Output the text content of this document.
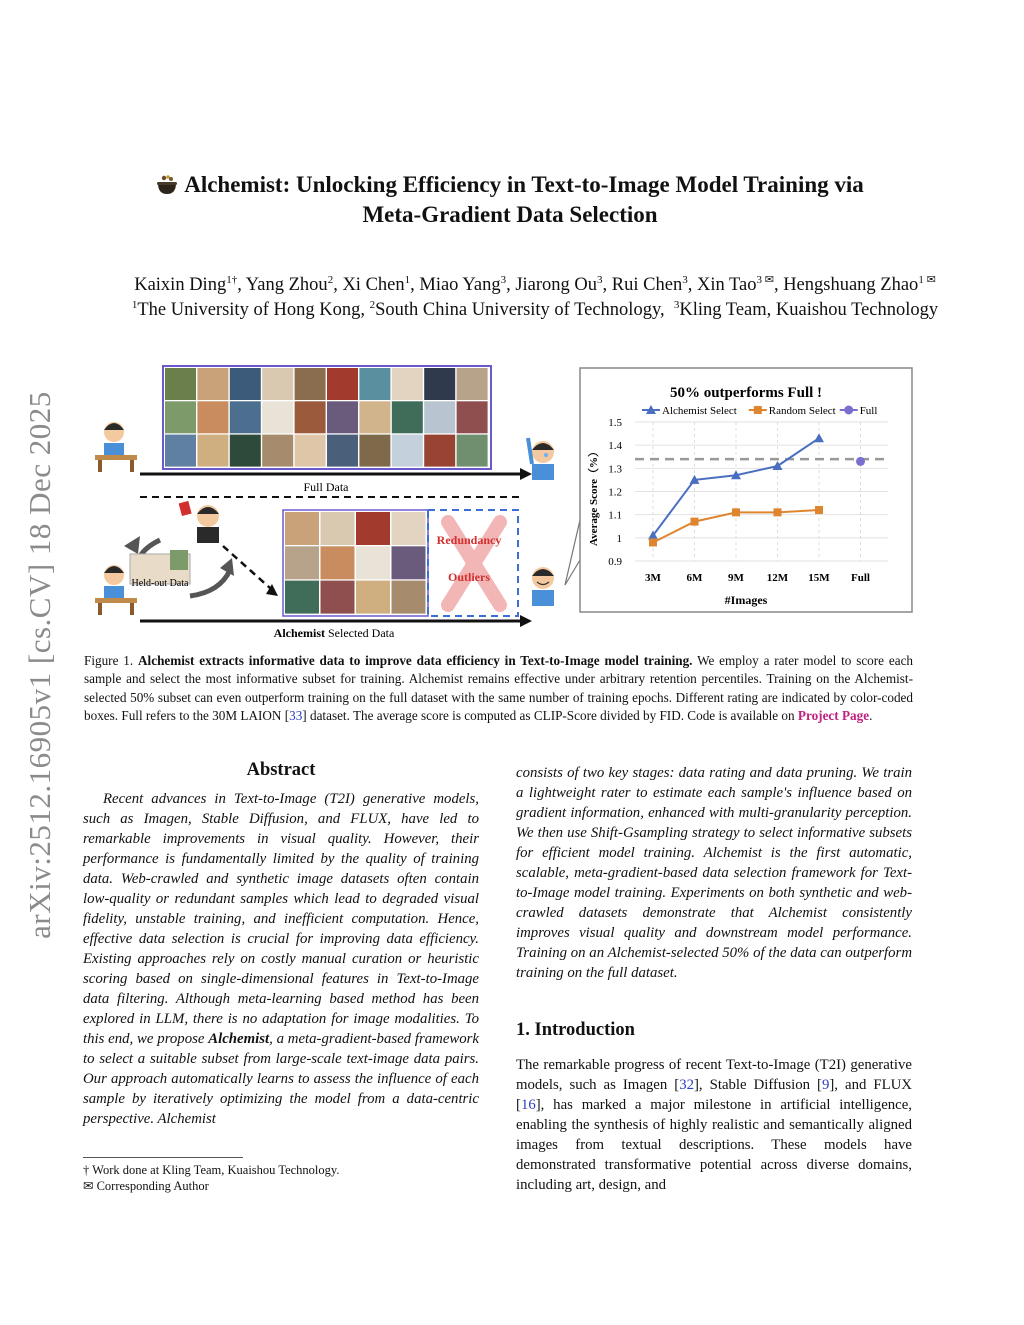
arXiv:2512.16905v1 [cs.CV] 18 Dec 2025
Alchemist: Unlocking Efficiency in Text-to-Image Model Training via
Meta-Gradient Data Selection
Kaixin Ding$^{1\dagger}$, Yang Zhou$^2$, Xi Chen$^1$, Miao Yang$^3$, Jiarong Ou$^3$, Rui Chen$^3$, Xin Tao$^{3 ✉}$, Hengshuang Zhao$^{1 ✉}$
$^1$The University of Hong Kong, $^2$South China University of Technology, $^3$Kling Team, Kuaishou Technology
Full Data
Held-out Data
Redundancy
Outliers
Alchemist Selected Data
50% outperforms Full !
Alchemist Select	Random Select Full
Average Score（%）
#Images
0.9
1
1.1
1.2
1.3
1.4
1.5
3M 6M 9M 12M 15M Full
Figure 1. Alchemist extracts informative data to improve data efficiency in Text-to-Image model training. We employ a rater model to score each sample and select the most informative subset for training. Alchemist remains effective under arbitrary retention percentiles. Training on the Alchemist-selected 50% subset can even outperform training on the full dataset with the same number of training epochs. Different rating are indicated by color-coded boxes. Full refers to the 30M LAION [33] dataset. The average score is computed as CLIP-Score divided by FID. Code is available on Project Page.
Abstract
Recent advances in Text-to-Image (T2I) generative models, such as Imagen, Stable Diffusion, and FLUX, have led to remarkable improvements in visual quality. However, their performance is fundamentally limited by the quality of training data. Web-crawled and synthetic image datasets often contain low-quality or redundant samples which lead to degraded visual fidelity, unstable training, and inefficient computation. Hence, effective data selection is crucial for improving data efficiency. Existing approaches rely on costly manual curation or heuristic scoring based on single-dimensional features in Text-to-Image data filtering. Although meta-learning based method has been explored in LLM, there is no adaptation for image modalities. To this end, we propose Alchemist, a meta-gradient-based framework to select a suitable subset from large-scale text-image data pairs. Our approach automatically learns to assess the influence of each sample by iteratively optimizing the model from a data-centric perspective. Alchemist
† Work done at Kling Team, Kuaishou Technology.
✉ Corresponding Author
consists of two key stages: data rating and data pruning. We train a lightweight rater to estimate each sample's influence based on gradient information, enhanced with multi-granularity perception. We then use Shift-Gsampling strategy to select informative subsets for efficient model training. Alchemist is the first automatic, scalable, meta-gradient-based data selection framework for Text-to-Image model training. Experiments on both synthetic and web-crawled datasets demonstrate that Alchemist consistently improves visual quality and downstream model performance. Training on an Alchemist-selected 50% of the data can outperform training on the full dataset.
1. Introduction
The remarkable progress of recent Text-to-Image (T2I) generative models, such as Imagen [32], Stable Diffusion [9], and FLUX [16], has marked a major milestone in artificial intelligence, enabling the synthesis of highly realistic and semantically aligned images from textual descriptions. These models have demonstrated transformative potential across diverse domains, including art, design, and
